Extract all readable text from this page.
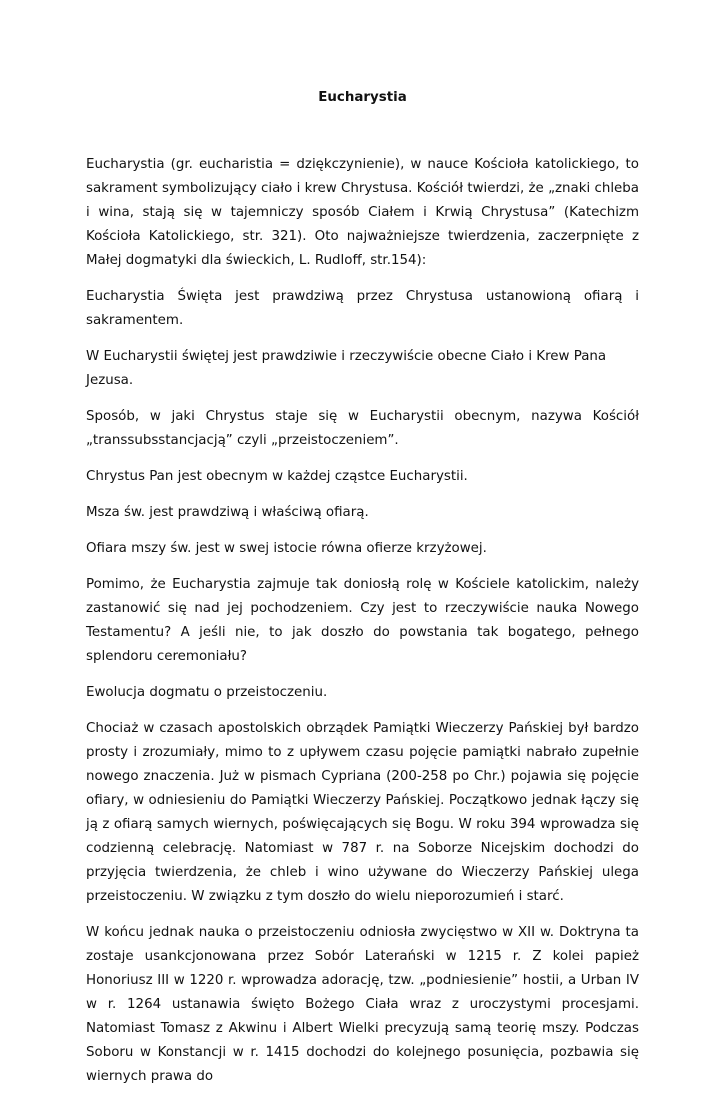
Eucharystia

Eucharystia (gr. eucharistia = dziękczynienie), w nauce Kościoła katolickiego, to sakrament symbolizujący ciało i krew Chrystusa. Kościół twierdzi, że „znaki chleba i wina, stają się w tajemniczy sposób Ciałem i Krwią Chrystusa” (Katechizm Kościoła Katolickiego, str. 321). Oto najważniejsze twierdzenia, zaczerpnięte z Małej dogmatyki dla świeckich, L. Rudloff, str.154):

Eucharystia Święta jest prawdziwą przez Chrystusa ustanowioną ofiarą i sakramentem.

W Eucharystii świętej jest prawdziwie i rzeczywiście obecne Ciało i Krew Pana Jezusa.

Sposób, w jaki Chrystus staje się w Eucharystii obecnym, nazywa Kościół „transsubsstancjacją” czyli „przeistoczeniem”.

Chrystus Pan jest obecnym w każdej cząstce Eucharystii.

Msza św. jest prawdziwą i właściwą ofiarą.

Ofiara mszy św. jest w swej istocie równa ofierze krzyżowej.

Pomimo, że Eucharystia zajmuje tak doniosłą rolę w Kościele katolickim, należy zastanowić się nad jej pochodzeniem. Czy jest to rzeczywiście nauka Nowego Testamentu? A jeśli nie, to jak doszło do powstania tak bogatego, pełnego splendoru ceremoniału?

Ewolucja dogmatu o przeistoczeniu.

Chociaż w czasach apostolskich obrządek Pamiątki Wieczerzy Pańskiej był bardzo prosty i zrozumiały, mimo to z upływem czasu pojęcie pamiątki nabrało zupełnie nowego znaczenia. Już w pismach Cypriana (200-258 po Chr.) pojawia się pojęcie ofiary, w odniesieniu do Pamiątki Wieczerzy Pańskiej. Początkowo jednak łączy się ją z ofiarą samych wiernych, poświęcających się Bogu. W roku 394 wprowadza się codzienną celebrację. Natomiast w 787 r. na Soborze Nicejskim dochodzi do przyjęcia twierdzenia, że chleb i wino używane do Wieczerzy Pańskiej ulega przeistoczeniu. W związku z tym doszło do wielu nieporozumień i starć.

W końcu jednak nauka o przeistoczeniu odniosła zwycięstwo w XII w. Doktryna ta zostaje usankcjonowana przez Sobór Laterański w 1215 r. Z kolei papież Honoriusz III w 1220 r. wprowadza adorację, tzw. „podniesienie” hostii, a Urban IV w r. 1264 ustanawia święto Bożego Ciała wraz z uroczystymi procesjami. Natomiast Tomasz z Akwinu i Albert Wielki precyzują samą teorię mszy. Podczas Soboru w Konstancji w r. 1415 dochodzi do kolejnego posunięcia, pozbawia się wiernych prawa do
